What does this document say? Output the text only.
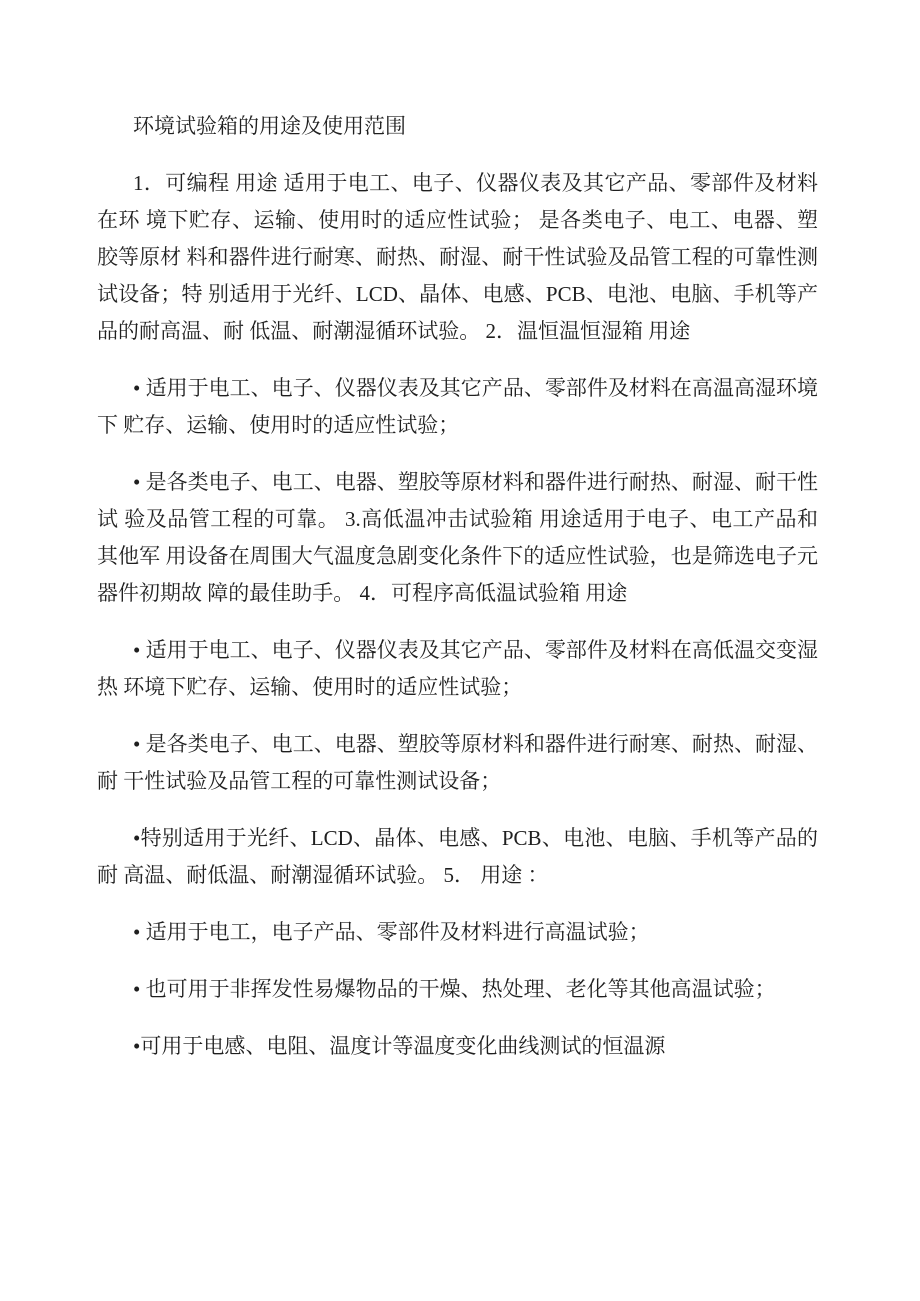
环境试验箱的用途及使用范围

1．可编程 用途 适用于电工、电子、仪器仪表及其它产品、零部件及材料在环 境下贮存、运输、使用时的适应性试验； 是各类电子、电工、电器、塑胶等原材 料和器件进行耐寒、耐热、耐湿、耐干性试验及品管工程的可靠性测试设备；特 别适用于光纤、LCD、晶体、电感、PCB、电池、电脑、手机等产品的耐高温、耐 低温、耐潮湿循环试验。 2．温恒温恒湿箱 用途

• 适用于电工、电子、仪器仪表及其它产品、零部件及材料在高温高湿环境下 贮存、运输、使用时的适应性试验；

• 是各类电子、电工、电器、塑胶等原材料和器件进行耐热、耐湿、耐干性试 验及品管工程的可靠。 3.高低温冲击试验箱 用途适用于电子、电工产品和其他军 用设备在周围大气温度急剧变化条件下的适应性试验，也是筛选电子元器件初期故 障的最佳助手。 4．可程序高低温试验箱 用途

• 适用于电工、电子、仪器仪表及其它产品、零部件及材料在高低温交变湿热 环境下贮存、运输、使用时的适应性试验；

• 是各类电子、电工、电器、塑胶等原材料和器件进行耐寒、耐热、耐湿、耐 干性试验及品管工程的可靠性测试设备；

•特别适用于光纤、LCD、晶体、电感、PCB、电池、电脑、手机等产品的耐 高温、耐低温、耐潮湿循环试验。 5． 用途 ：

• 适用于电工，电子产品、零部件及材料进行高温试验；

• 也可用于非挥发性易爆物品的干燥、热处理、老化等其他高温试验；

•可用于电感、电阻、温度计等温度变化曲线测试的恒温源
